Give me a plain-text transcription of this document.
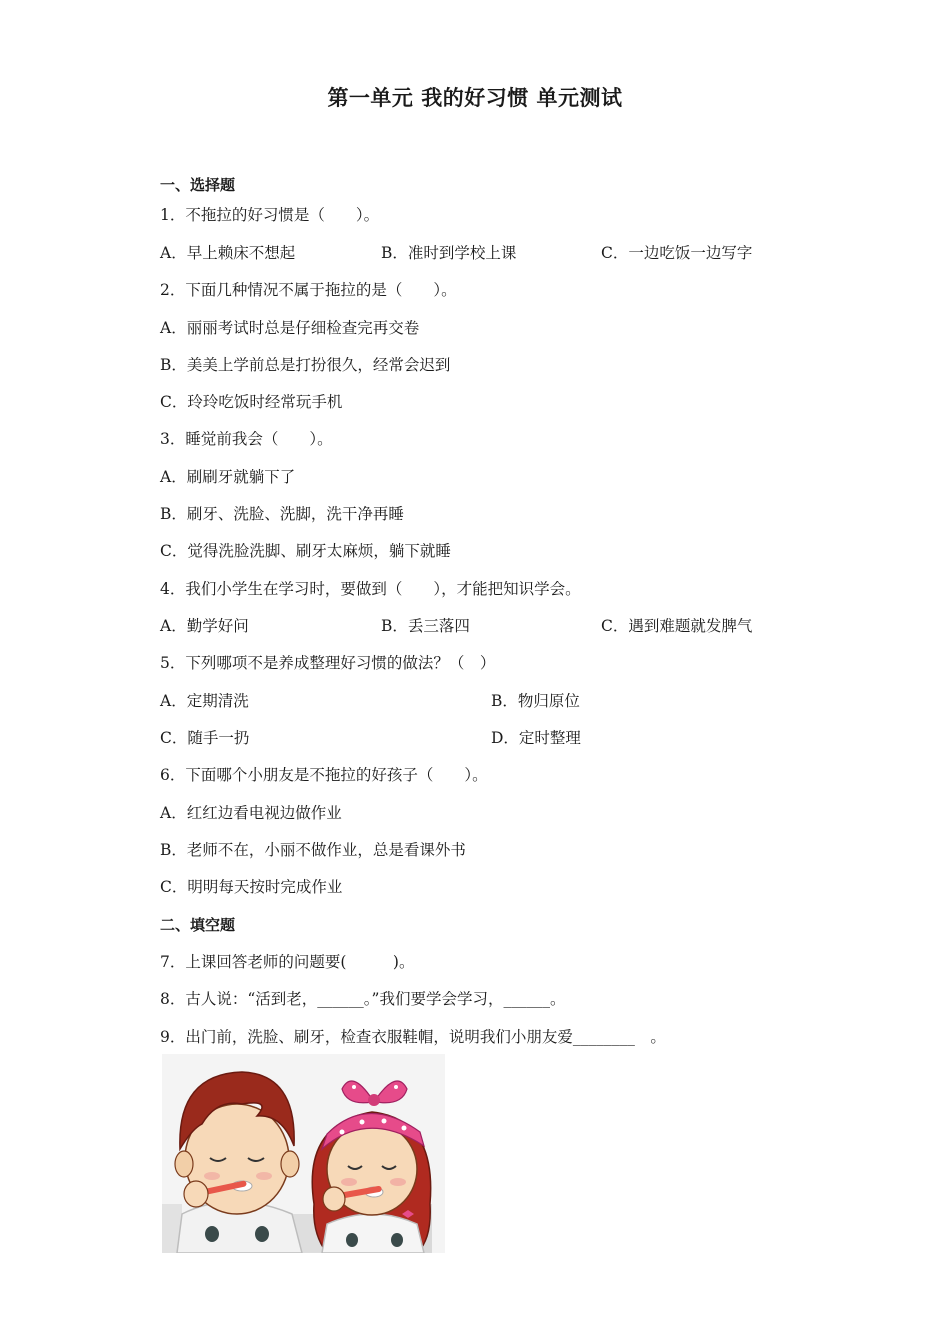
第一单元 我的好习惯 单元测试
一、选择题
1．不拖拉的好习惯是（　　）。
A．早上赖床不想起	B．准时到学校上课	C．一边吃饭一边写字
2．下面几种情况不属于拖拉的是（　　）。
A．丽丽考试时总是仔细检查完再交卷
B．美美上学前总是打扮很久，经常会迟到
C．玲玲吃饭时经常玩手机
3．睡觉前我会（　　）。
A．刷刷牙就躺下了
B．刷牙、洗脸、洗脚，洗干净再睡
C．觉得洗脸洗脚、刷牙太麻烦，躺下就睡
4．我们小学生在学习时，要做到（　　），才能把知识学会。
A．勤学好问	B．丢三落四	C．遇到难题就发脾气
5．下列哪项不是养成整理好习惯的做法？（　）
A．定期清洗	B．物归原位
C．随手一扔	D．定时整理
6．下面哪个小朋友是不拖拉的好孩子（　　）。
A．红红边看电视边做作业
B．老师不在，小丽不做作业，总是看课外书
C．明明每天按时完成作业
二、填空题
7．上课回答老师的问题要(　　　)。
8．古人说：“活到老，______。”我们要学会学习，______。
9．出门前，洗脸、刷牙，检查衣服鞋帽，说明我们小朋友爱________　。
